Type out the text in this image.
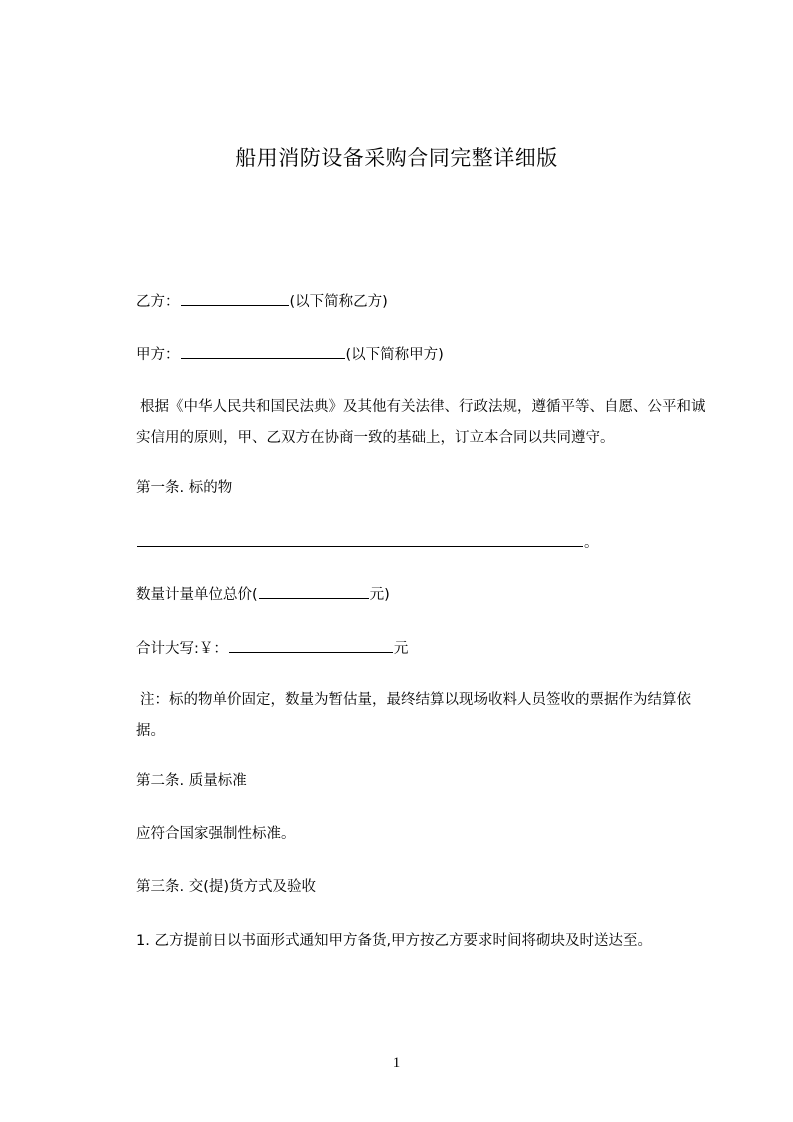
船用消防设备采购合同完整详细版
乙方：	(以下简称乙方)
甲方：	(以下简称甲方)
根据《中华人民共和国民法典》及其他有关法律、行政法规，遵循平等、自愿、公平和诚实信用的原则，甲、乙双方在协商一致的基础上，订立本合同以共同遵守。
第一条. 标的物
。
数量计量单位总价(	元)
合计大写:￥：	元
注：标的物单价固定，数量为暂估量，最终结算以现场收料人员签收的票据作为结算依据。
第二条. 质量标准
应符合国家强制性标准。
第三条. 交(提)货方式及验收
1. 乙方提前日以书面形式通知甲方备货,甲方按乙方要求时间将砌块及时送达至。
1
